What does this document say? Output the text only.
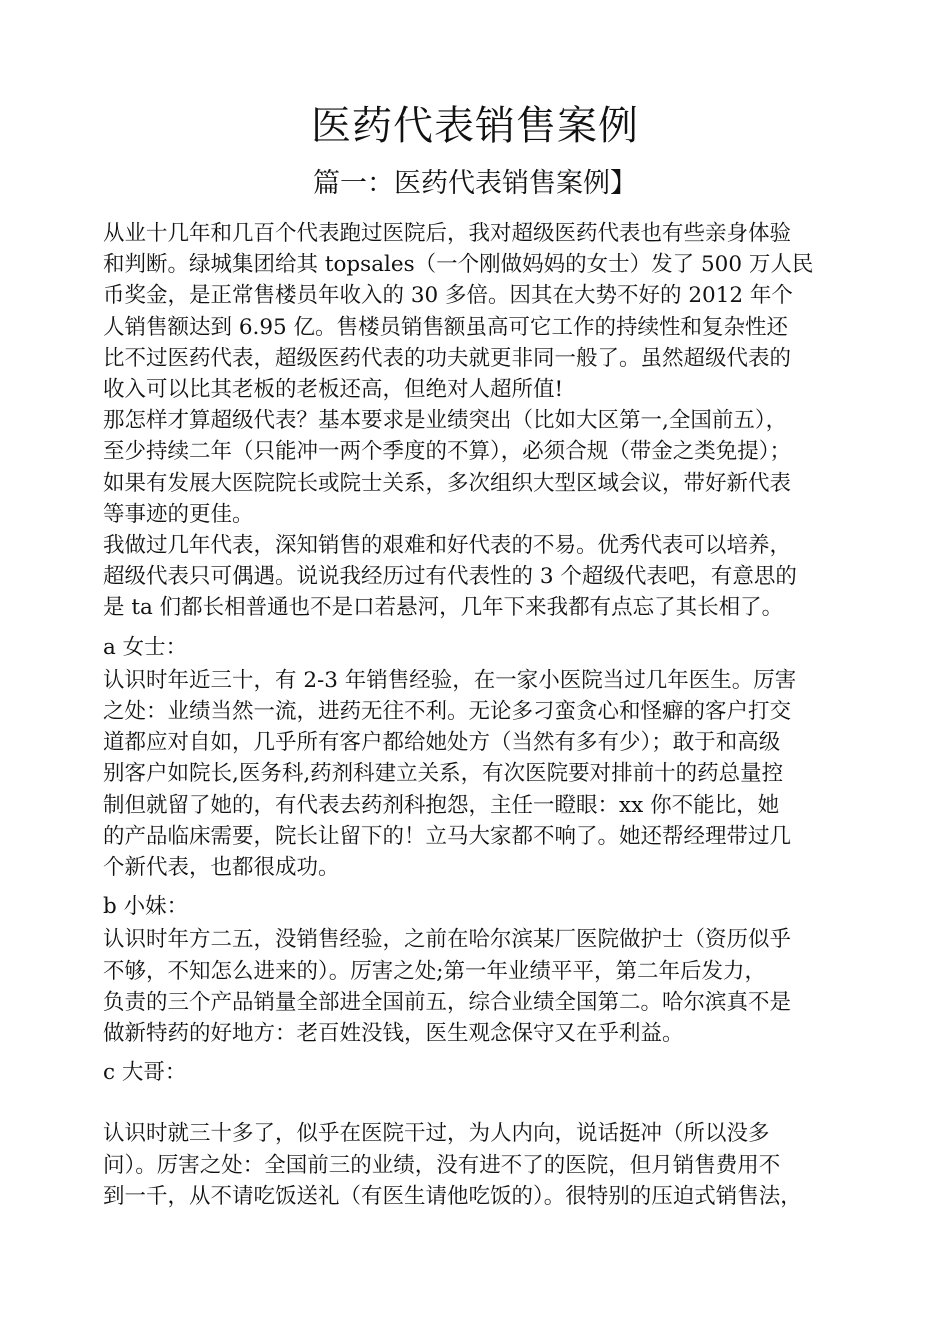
医药代表销售案例
篇一：医药代表销售案例】
从业十几年和几百个代表跑过医院后，我对超级医药代表也有些亲身体验
和判断。绿城集团给其 topsales（一个刚做妈妈的女士）发了 500 万人民
币奖金，是正常售楼员年收入的 30 多倍。因其在大势不好的 2012 年个
人销售额达到 6.95 亿。售楼员销售额虽高可它工作的持续性和复杂性还
比不过医药代表，超级医药代表的功夫就更非同一般了。虽然超级代表的
收入可以比其老板的老板还高，但绝对人超所值!
那怎样才算超级代表？基本要求是业绩突出（比如大区第一,全国前五），
至少持续二年（只能冲一两个季度的不算），必须合规（带金之类免提）；
如果有发展大医院院长或院士关系，多次组织大型区域会议，带好新代表
等事迹的更佳。
我做过几年代表，深知销售的艰难和好代表的不易。优秀代表可以培养，
超级代表只可偶遇。说说我经历过有代表性的 3 个超级代表吧，有意思的
是 ta 们都长相普通也不是口若悬河，几年下来我都有点忘了其长相了。
a 女士：
认识时年近三十，有 2-3 年销售经验，在一家小医院当过几年医生。厉害
之处：业绩当然一流，进药无往不利。无论多刁蛮贪心和怪癖的客户打交
道都应对自如，几乎所有客户都给她处方（当然有多有少）；敢于和高级
别客户如院长,医务科,药剂科建立关系，有次医院要对排前十的药总量控
制但就留了她的，有代表去药剂科抱怨，主任一瞪眼：xx 你不能比，她
的产品临床需要，院长让留下的！立马大家都不响了。她还帮经理带过几
个新代表，也都很成功。
b 小妹：
认识时年方二五，没销售经验，之前在哈尔滨某厂医院做护士（资历似乎
不够，不知怎么进来的）。厉害之处;第一年业绩平平，第二年后发力，
负责的三个产品销量全部进全国前五，综合业绩全国第二。哈尔滨真不是
做新特药的好地方：老百姓没钱，医生观念保守又在乎利益。
c 大哥：
认识时就三十多了，似乎在医院干过，为人内向，说话挺冲（所以没多
问）。厉害之处：全国前三的业绩，没有进不了的医院，但月销售费用不
到一千，从不请吃饭送礼（有医生请他吃饭的）。很特别的压迫式销售法，
